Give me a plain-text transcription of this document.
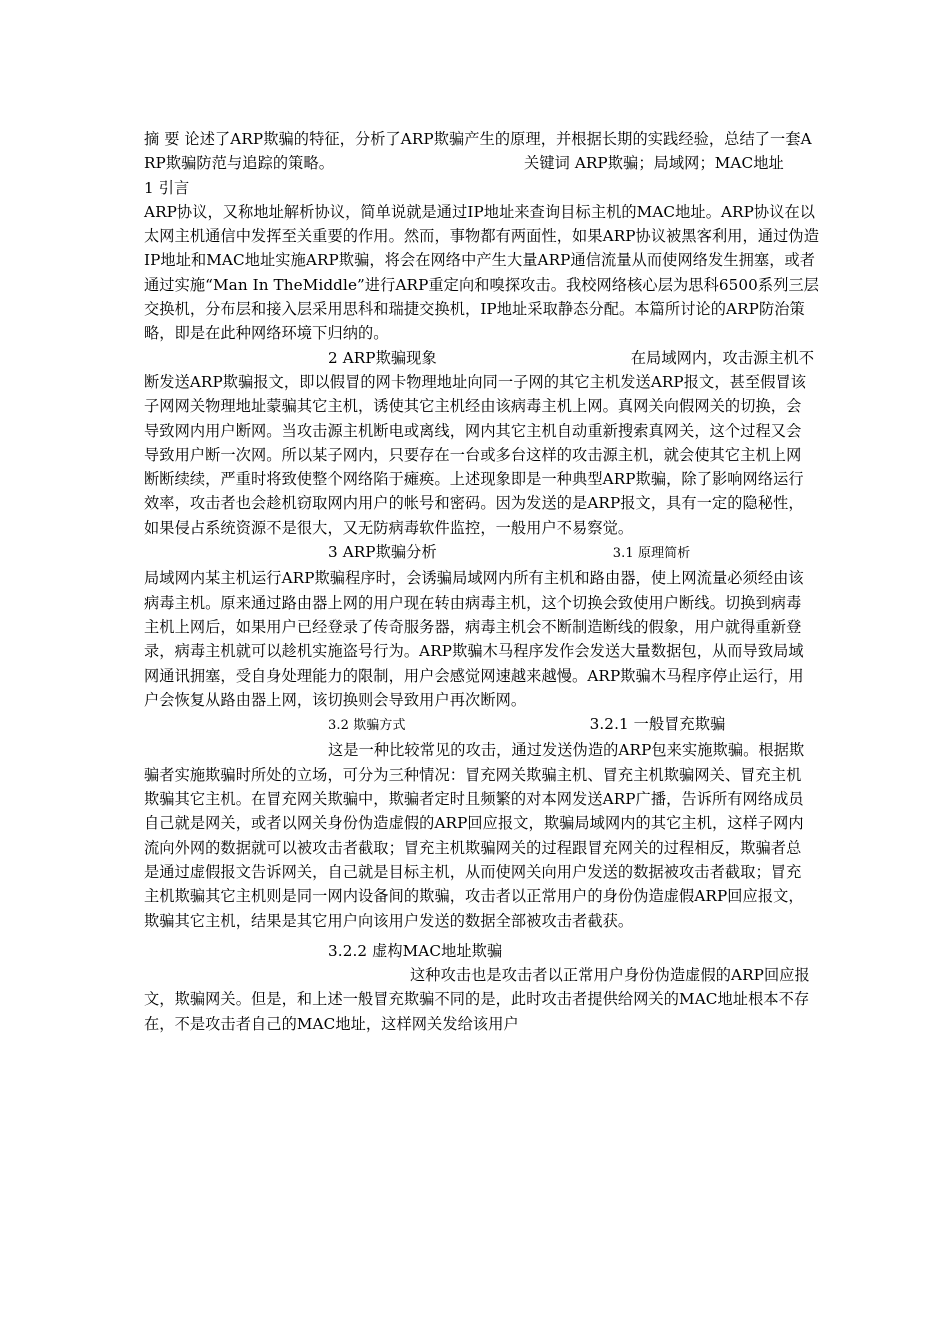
摘 要 论述了ARP欺骗的特征，分析了ARP欺骗产生的原理，并根据长期的实践经验，总结了一套ARP欺骗防范与追踪的策略。	关键词 ARP欺骗；局域网；MAC地址

1 引言

ARP协议，又称地址解析协议，简单说就是通过IP地址来查询目标主机的MAC地址。ARP协议在以太网主机通信中发挥至关重要的作用。然而，事物都有两面性，如果ARP协议被黑客利用，通过伪造IP地址和MAC地址实施ARP欺骗，将会在网络中产生大量ARP通信流量从而使网络发生拥塞，或者通过实施“Man In TheMiddle”进行ARP重定向和嗅探攻击。我校网络核心层为思科6500系列三层交换机，分布层和接入层采用思科和瑞捷交换机，IP地址采取静态分配。本篇所讨论的ARP防治策略，即是在此种网络环境下归纳的。

2 ARP欺骗现象	在局域网内，攻击源主机不断发送ARP欺骗报文，即以假冒的网卡物理地址向同一子网的其它主机发送ARP报文，甚至假冒该子网网关物理地址蒙骗其它主机，诱使其它主机经由该病毒主机上网。真网关向假网关的切换，会导致网内用户断网。当攻击源主机断电或离线，网内其它主机自动重新搜索真网关，这个过程又会导致用户断一次网。所以某子网内，只要存在一台或多台这样的攻击源主机，就会使其它主机上网断断续续，严重时将致使整个网络陷于瘫痪。上述现象即是一种典型ARP欺骗，除了影响网络运行效率，攻击者也会趁机窃取网内用户的帐号和密码。因为发送的是ARP报文，具有一定的隐秘性，如果侵占系统资源不是很大，又无防病毒软件监控，一般用户不易察觉。

3 ARP欺骗分析	3.1 原理简析

局域网内某主机运行ARP欺骗程序时，会诱骗局域网内所有主机和路由器，使上网流量必须经由该病毒主机。原来通过路由器上网的用户现在转由病毒主机，这个切换会致使用户断线。切换到病毒主机上网后，如果用户已经登录了传奇服务器，病毒主机会不断制造断线的假象，用户就得重新登录，病毒主机就可以趁机实施盗号行为。ARP欺骗木马程序发作会发送大量数据包，从而导致局域网通讯拥塞，受自身处理能力的限制，用户会感觉网速越来越慢。ARP欺骗木马程序停止运行，用户会恢复从路由器上网，该切换则会导致用户再次断网。

3.2 欺骗方式	3.2.1 一般冒充欺骗

这是一种比较常见的攻击，通过发送伪造的ARP包来实施欺骗。根据欺骗者实施欺骗时所处的立场，可分为三种情况：冒充网关欺骗主机、冒充主机欺骗网关、冒充主机欺骗其它主机。在冒充网关欺骗中，欺骗者定时且频繁的对本网发送ARP广播，告诉所有网络成员自己就是网关，或者以网关身份伪造虚假的ARP回应报文，欺骗局域网内的其它主机，这样子网内流向外网的数据就可以被攻击者截取；冒充主机欺骗网关的过程跟冒充网关的过程相反，欺骗者总是通过虚假报文告诉网关，自己就是目标主机，从而使网关向用户发送的数据被攻击者截取；冒充主机欺骗其它主机则是同一网内设备间的欺骗，攻击者以正常用户的身份伪造虚假ARP回应报文，欺骗其它主机，结果是其它用户向该用户发送的数据全部被攻击者截获。

3.2.2 虚构MAC地址欺骗

这种攻击也是攻击者以正常用户身份伪造虚假的ARP回应报文，欺骗网关。但是，和上述一般冒充欺骗不同的是，此时攻击者提供给网关的MAC地址根本不存在，不是攻击者自己的MAC地址，这样网关发给该用户
